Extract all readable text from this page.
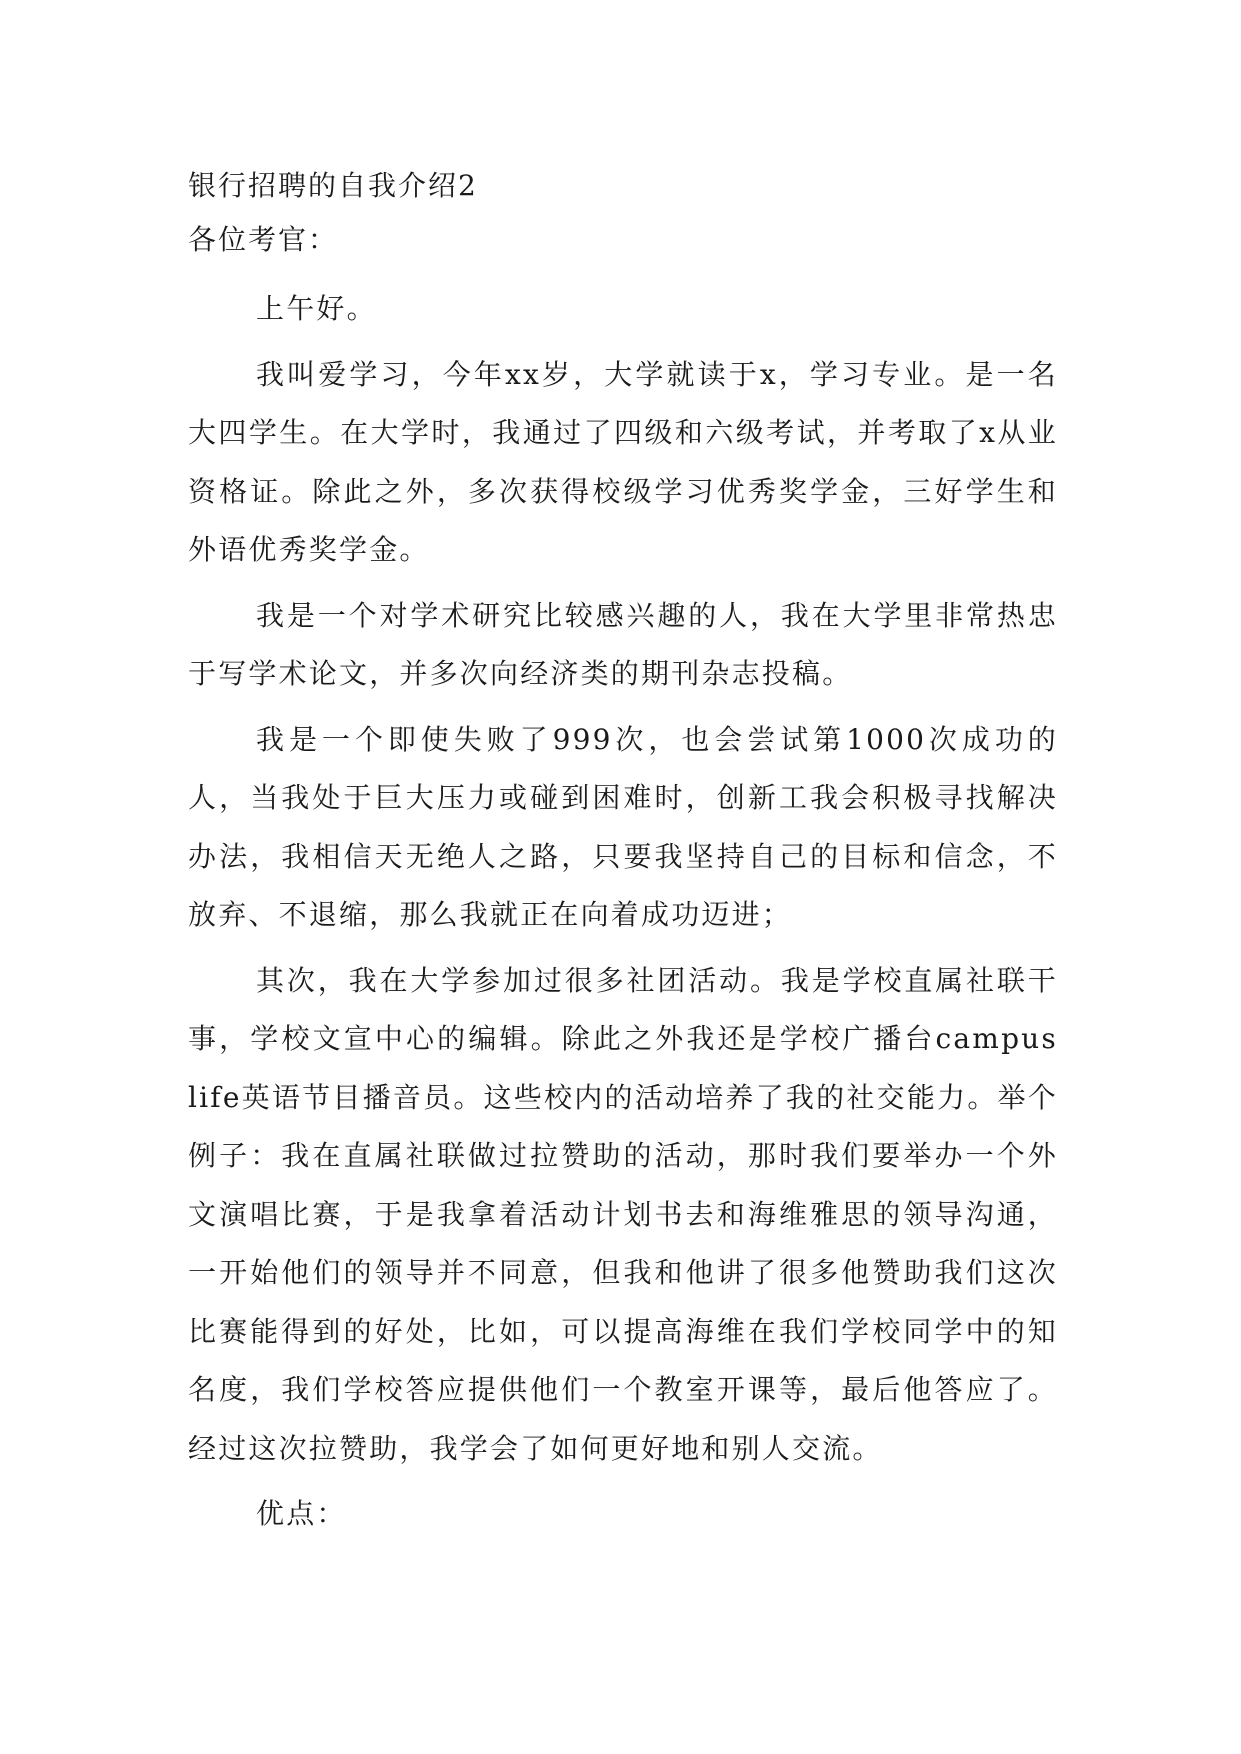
银行招聘的自我介绍2

各位考官：

上午好。

我叫爱学习，今年xx岁，大学就读于x，学习专业。是一名大四学生。在大学时，我通过了四级和六级考试，并考取了x从业资格证。除此之外，多次获得校级学习优秀奖学金，三好学生和外语优秀奖学金。

我是一个对学术研究比较感兴趣的人，我在大学里非常热忠于写学术论文，并多次向经济类的期刊杂志投稿。

我是一个即使失败了999次，也会尝试第1000次成功的人，当我处于巨大压力或碰到困难时，创新工我会积极寻找解决办法，我相信天无绝人之路，只要我坚持自己的目标和信念，不放弃、不退缩，那么我就正在向着成功迈进；

其次，我在大学参加过很多社团活动。我是学校直属社联干事，学校文宣中心的编辑。除此之外我还是学校广播台campus life英语节目播音员。这些校内的活动培养了我的社交能力。举个例子：我在直属社联做过拉赞助的活动，那时我们要举办一个外文演唱比赛，于是我拿着活动计划书去和海维雅思的领导沟通，一开始他们的领导并不同意，但我和他讲了很多他赞助我们这次比赛能得到的好处，比如，可以提高海维在我们学校同学中的知名度，我们学校答应提供他们一个教室开课等，最后他答应了。经过这次拉赞助，我学会了如何更好地和别人交流。

优点：
